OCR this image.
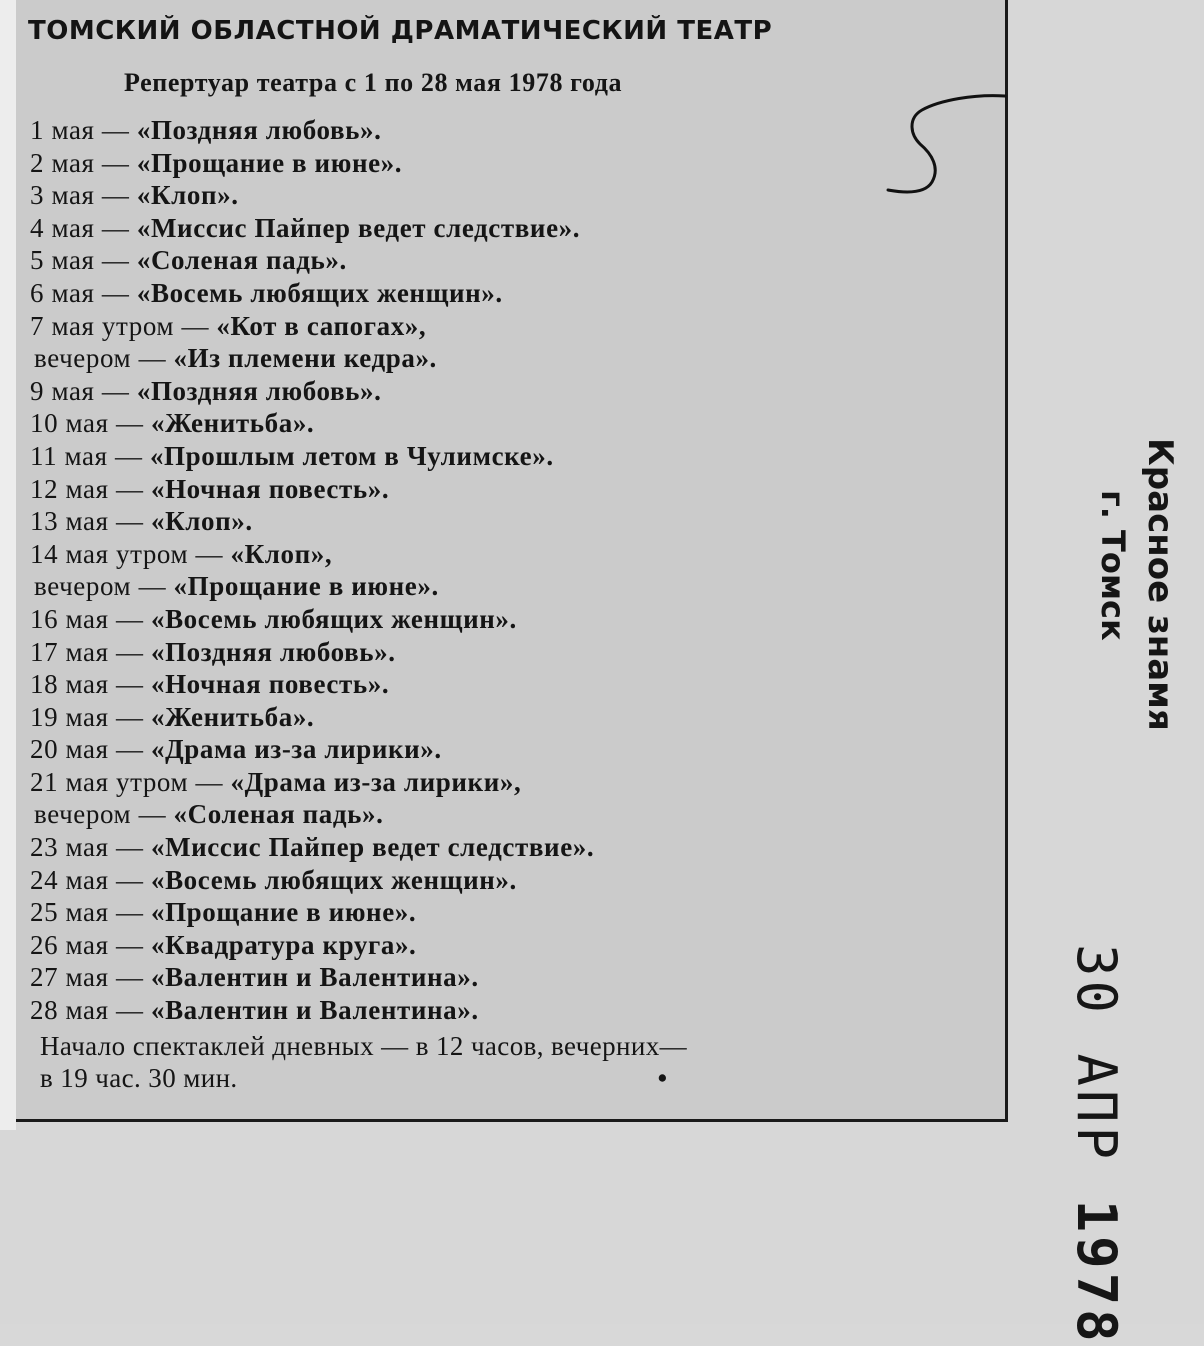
ТОМСКИЙ ОБЛАСТНОЙ ДРАМАТИЧЕСКИЙ ТЕАТР
Репертуар театра с 1 по 28 мая 1978 года
1 мая — «Поздняя любовь».
2 мая — «Прощание в июне».
3 мая — «Клоп».
4 мая — «Миссис Пайпер ведет следствие».
5 мая — «Соленая падь».
6 мая — «Восемь любящих женщин».
7 мая утром — «Кот в сапогах»,
вечером — «Из племени кедра».
9 мая — «Поздняя любовь».
10 мая — «Женитьба».
11 мая — «Прошлым летом в Чулимске».
12 мая — «Ночная повесть».
13 мая — «Клоп».
14 мая утром — «Клоп»,
вечером — «Прощание в июне».
16 мая — «Восемь любящих женщин».
17 мая — «Поздняя любовь».
18 мая — «Ночная повесть».
19 мая — «Женитьба».
20 мая — «Драма из-за лирики».
21 мая утром — «Драма из-за лирики»,
вечером — «Соленая падь».
23 мая — «Миссис Пайпер ведет следствие».
24 мая — «Восемь любящих женщин».
25 мая — «Прощание в июне».
26 мая — «Квадратура круга».
27 мая — «Валентин и Валентина».
28 мая — «Валентин и Валентина».
Начало спектаклей дневных — в 12 часов, вечерних—
в 19 час. 30 мин.	•
Красное знамя
г. Томск
30 АПР 1978
